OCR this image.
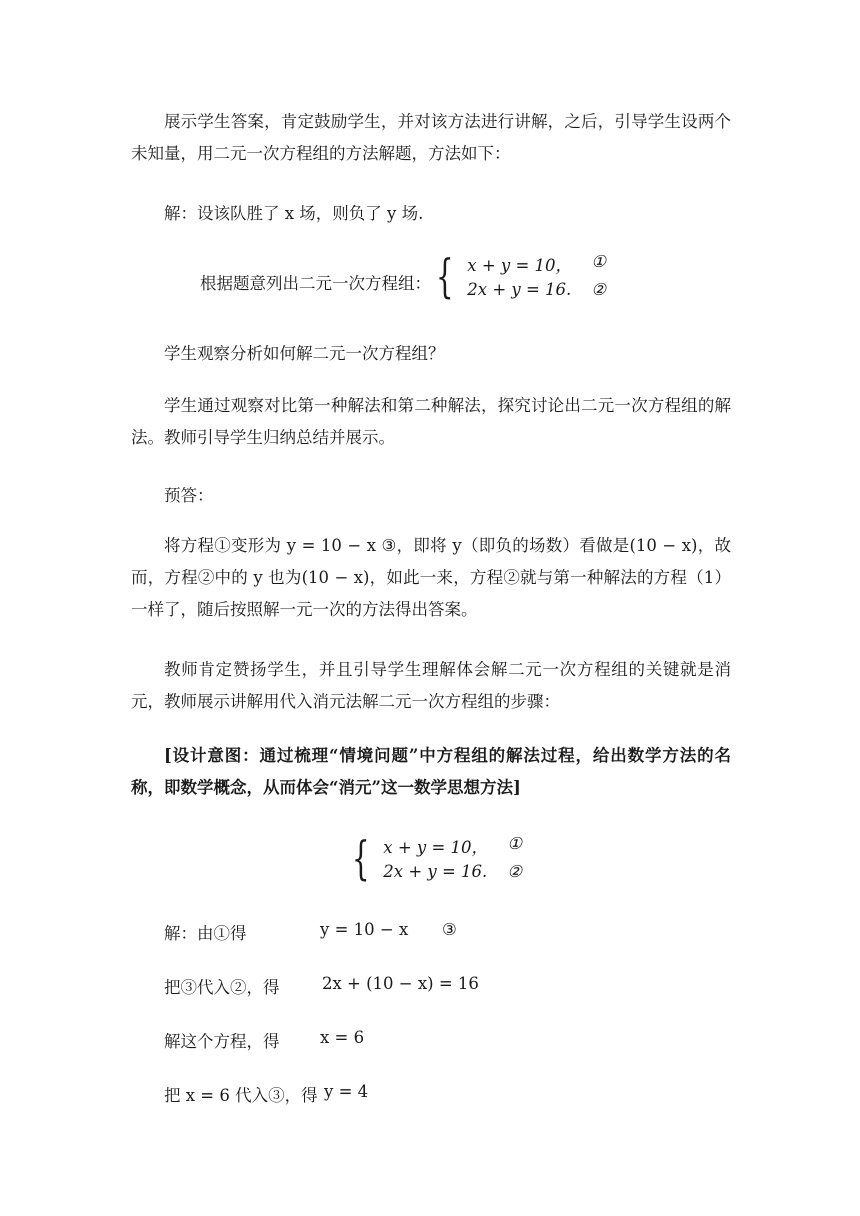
展示学生答案，肯定鼓励学生，并对该方法进行讲解，之后，引导学生设两个未知量，用二元一次方程组的方法解题，方法如下：
解：设该队胜了 x 场，则负了 y 场.
根据题意列出二元一次方程组： { x + y = 10，	①
2x + y = 16.	②
学生观察分析如何解二元一次方程组？
学生通过观察对比第一种解法和第二种解法，探究讨论出二元一次方程组的解法。教师引导学生归纳总结并展示。
预答：
将方程①变形为 y = 10 − x ③，即将 y（即负的场数）看做是(10 − x)，故而，方程②中的 y 也为(10 − x)，如此一来，方程②就与第一种解法的方程（1）一样了，随后按照解一元一次的方法得出答案。
教师肯定赞扬学生，并且引导学生理解体会解二元一次方程组的关键就是消元，教师展示讲解用代入消元法解二元一次方程组的步骤：
[设计意图：通过梳理“情境问题”中方程组的解法过程，给出数学方法的名称，即数学概念，从而体会“消元”这一数学思想方法]
{ x + y = 10，	①
2x + y = 16.	②
解：由①得	y = 10 − x ③
把③代入②，得	2x + (10 − x) = 16
解这个方程，得 x = 6
把 x = 6 代入③，得 y = 4
